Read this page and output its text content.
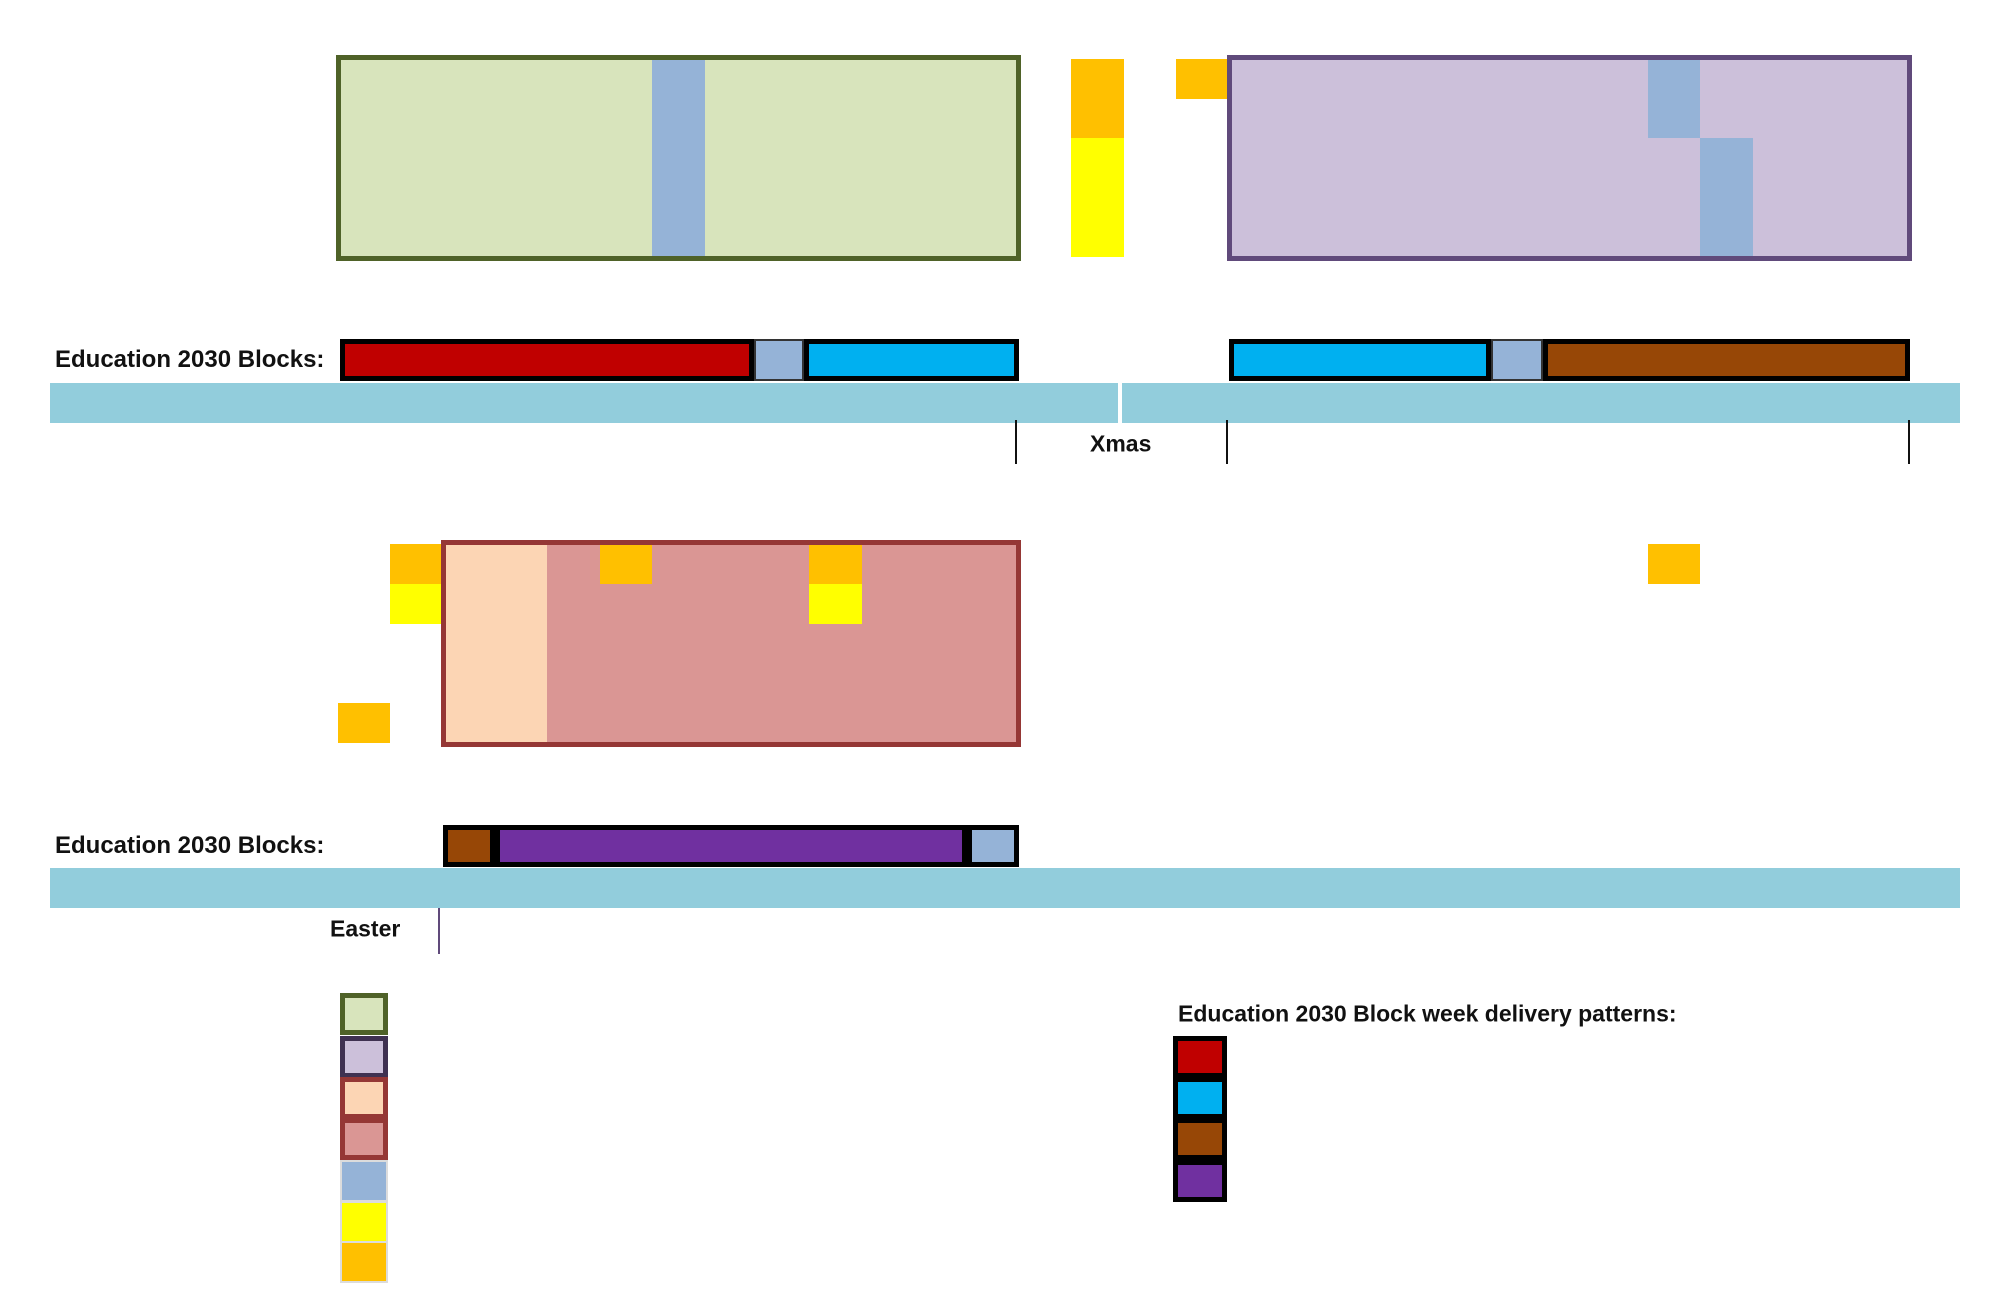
Education 2030 Blocks:
Education 2030 Blocks:
Xmas
Easter
Education 2030 Block week delivery patterns:
